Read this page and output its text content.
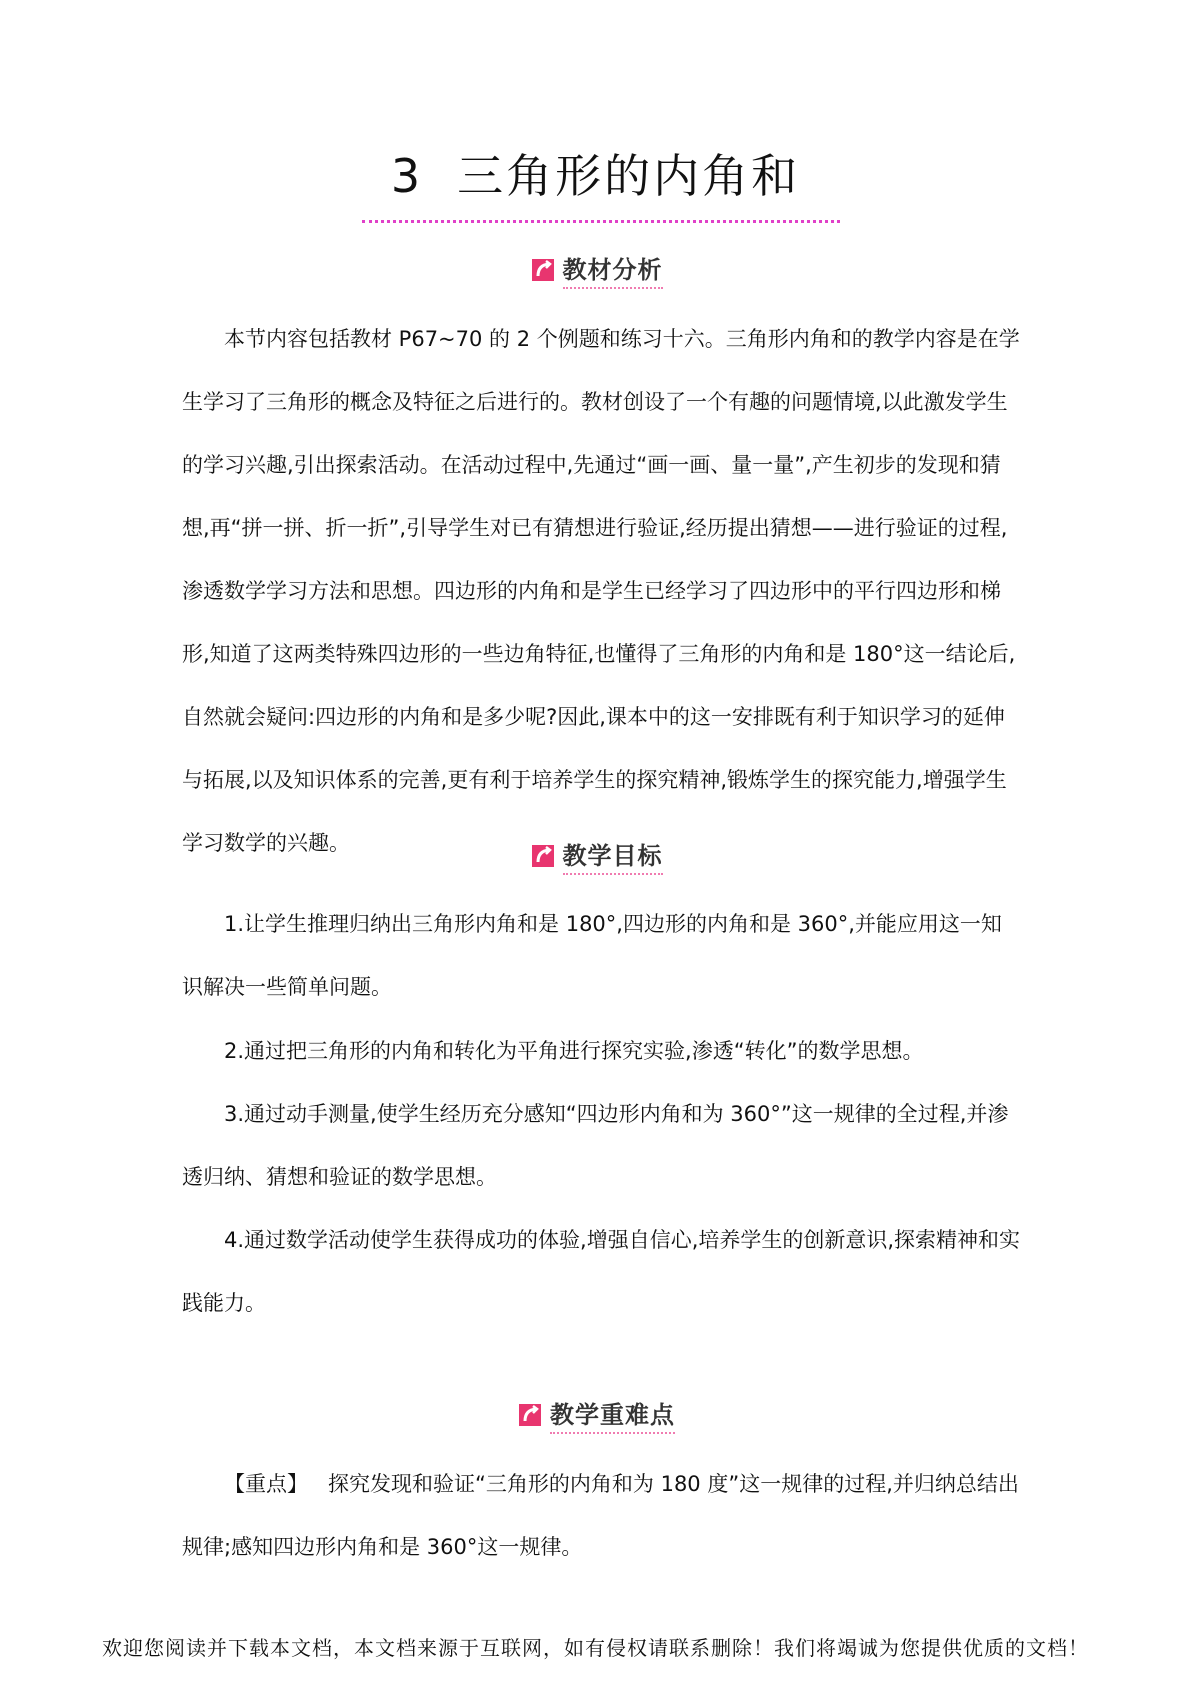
3 三角形的内角和
教材分析

本节内容包括教材 P67~70 的 2 个例题和练习十六。三角形内角和的教学内容是在学生学习了三角形的概念及特征之后进行的。教材创设了一个有趣的问题情境,以此激发学生的学习兴趣,引出探索活动。在活动过程中,先通过“画一画、量一量”,产生初步的发现和猜想,再“拼一拼、折一折”,引导学生对已有猜想进行验证,经历提出猜想——进行验证的过程,渗透数学学习方法和思想。四边形的内角和是学生已经学习了四边形中的平行四边形和梯形,知道了这两类特殊四边形的一些边角特征,也懂得了三角形的内角和是 180°这一结论后,自然就会疑问:四边形的内角和是多少呢?因此,课本中的这一安排既有利于知识学习的延伸与拓展,以及知识体系的完善,更有利于培养学生的探究精神,锻炼学生的探究能力,增强学生学习数学的兴趣。	教学目标

1.让学生推理归纳出三角形内角和是 180°,四边形的内角和是 360°,并能应用这一知识解决一些简单问题。

2.通过把三角形的内角和转化为平角进行探究实验,渗透“转化”的数学思想。

3.通过动手测量,使学生经历充分感知“四边形内角和为 360°”这一规律的全过程,并渗透归纳、猜想和验证的数学思想。

4.通过数学活动使学生获得成功的体验,增强自信心,培养学生的创新意识,探索精神和实践能力。

教学重难点

【重点】 探究发现和验证“三角形的内角和为 180 度”这一规律的过程,并归纳总结出规律;感知四边形内角和是 360°这一规律。

欢迎您阅读并下载本文档，本文档来源于互联网，如有侵权请联系删除！我们将竭诚为您提供优质的文档！
